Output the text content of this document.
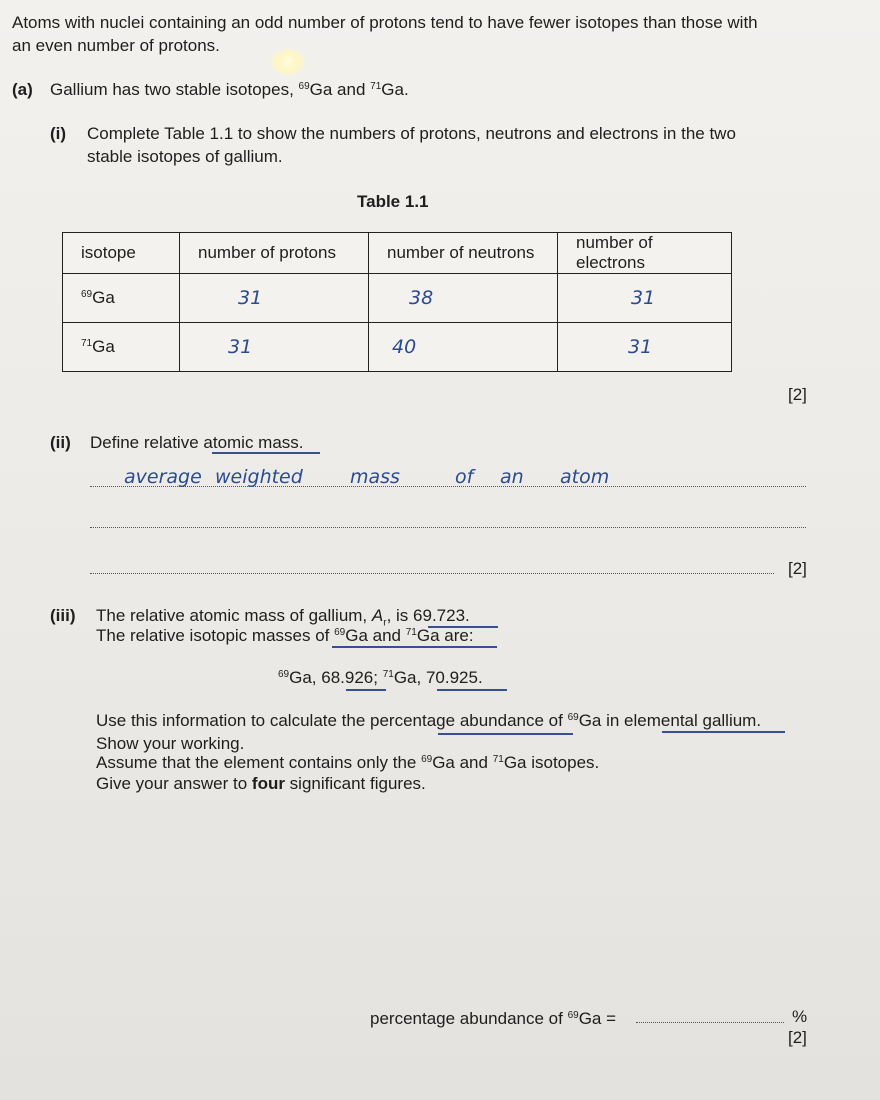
Atoms with nuclei containing an odd number of protons tend to have fewer isotopes than those with
an even number of protons.
(a) Gallium has two stable isotopes, $^{69}$Ga and $^{71}$Ga.
(i) Complete Table 1.1 to show the numbers of protons, neutrons and electrons in the two
stable isotopes of gallium.
Table 1.1
isotope	number of protons	number of neutrons	number of electrons
$^{69}$Ga	31	38	31
$^{71}$Ga	31	40	31
[2]
(ii) Define relative atomic mass.
average weighted mass	of an atom
[2]
(iii) The relative atomic mass of gallium, $A_r$, is 69.723.
The relative isotopic masses of $^{69}$Ga and $^{71}$Ga are:
$^{69}$Ga, 68.926; $^{71}$Ga, 70.925.
Use this information to calculate the percentage abundance of $^{69}$Ga in elemental gallium.
Show your working.
Assume that the element contains only the $^{69}$Ga and $^{71}$Ga isotopes.
Give your answer to four significant figures.
percentage abundance of $^{69}$Ga =	%
[2]
